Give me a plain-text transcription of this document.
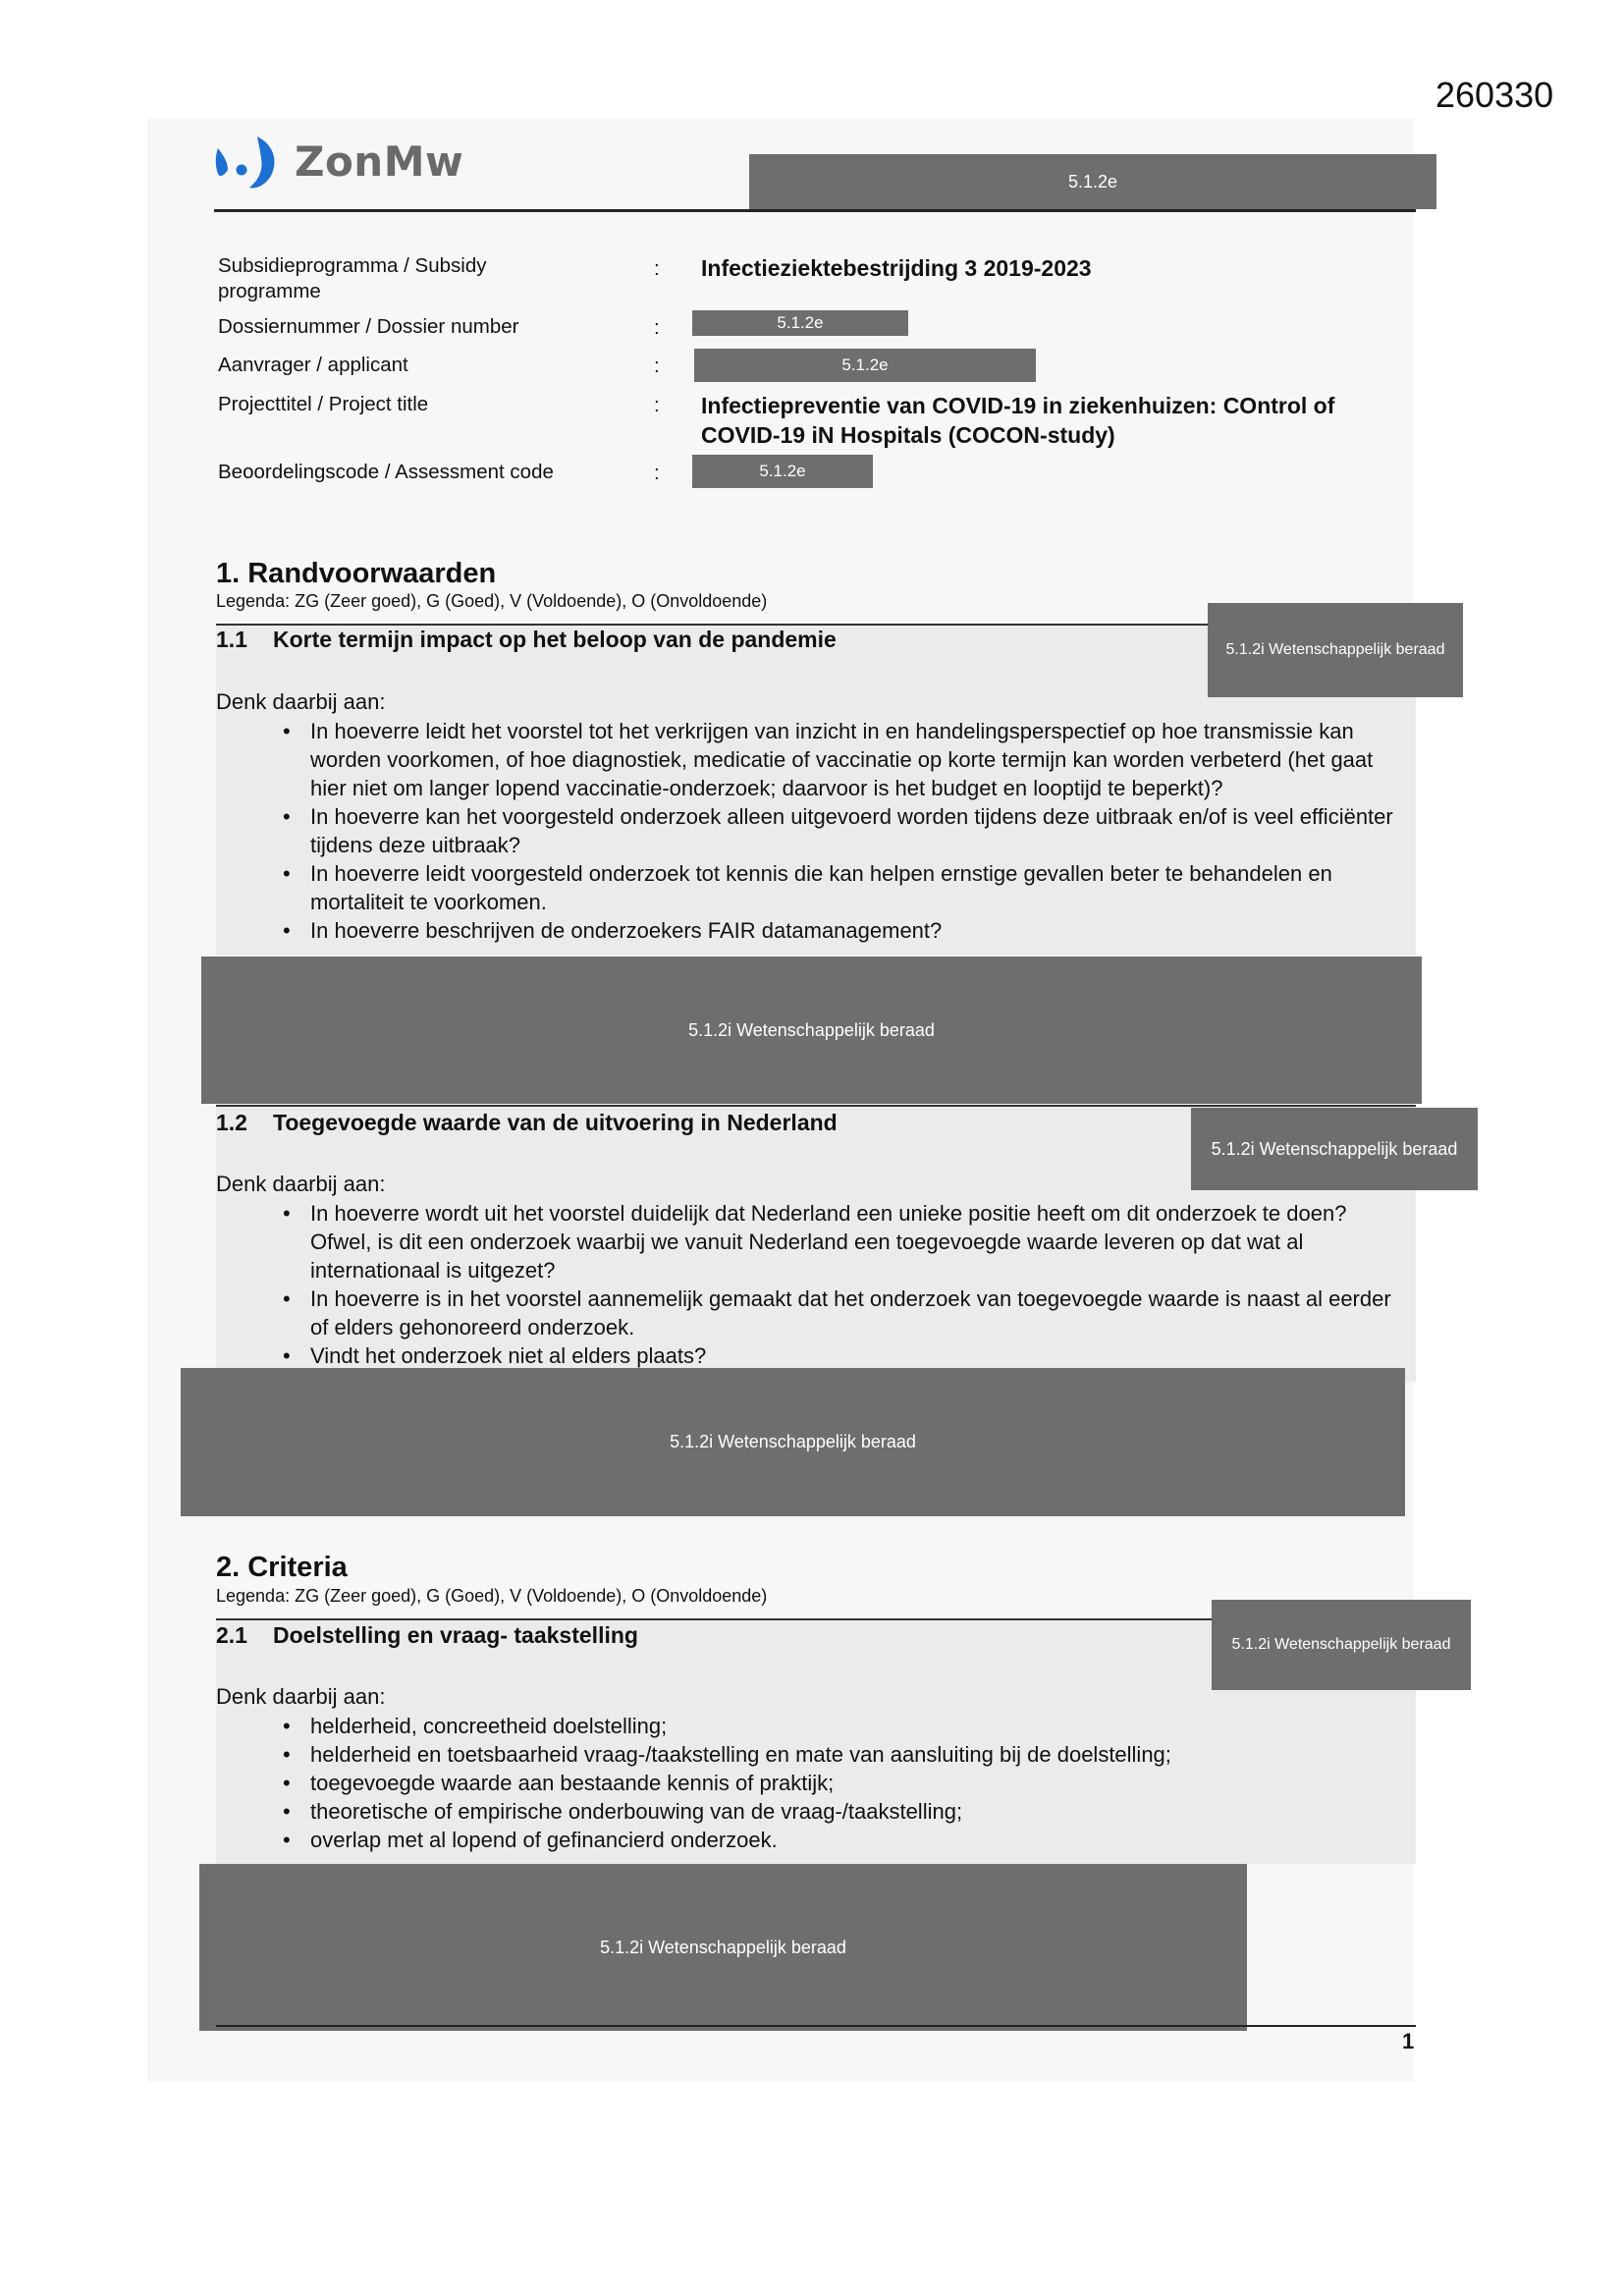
260330
ZonMw	5.1.2e
Subsidieprogramma / Subsidy programme
: Infectieziektebestrijding 3 2019-2023
Dossiernummer / Dossier number	:	5.1.2e
Aanvrager / applicant	:	5.1.2e
Projecttitel / Project title	: Infectiepreventie van COVID-19 in ziekenhuizen: COntrol of COVID-19 iN Hospitals (COCON-study)
Beoordelingscode / Assessment code	:	5.1.2e
1. Randvoorwaarden
Legenda: ZG (Zeer goed), G (Goed), V (Voldoende), O (Onvoldoende)
1.1 Korte termijn impact op het beloop van de pandemie	5.1.2i Wetenschappelijk beraad
Denk daarbij aan:
• In hoeverre leidt het voorstel tot het verkrijgen van inzicht in en handelingsperspectief op hoe transmissie kan worden voorkomen, of hoe diagnostiek, medicatie of vaccinatie op korte termijn kan worden verbeterd (het gaat hier niet om langer lopend vaccinatie-onderzoek; daarvoor is het budget en looptijd te beperkt)?
• In hoeverre kan het voorgesteld onderzoek alleen uitgevoerd worden tijdens deze uitbraak en/of is veel efficiënter tijdens deze uitbraak?
• In hoeverre leidt voorgesteld onderzoek tot kennis die kan helpen ernstige gevallen beter te behandelen en mortaliteit te voorkomen.
• In hoeverre beschrijven de onderzoekers FAIR datamanagement?
5.1.2i Wetenschappelijk beraad
1.2 Toegevoegde waarde van de uitvoering in Nederland
5.1.2i Wetenschappelijk beraad
Denk daarbij aan:
• In hoeverre wordt uit het voorstel duidelijk dat Nederland een unieke positie heeft om dit onderzoek te doen? Ofwel, is dit een onderzoek waarbij we vanuit Nederland een toegevoegde waarde leveren op dat wat al internationaal is uitgezet?
• In hoeverre is in het voorstel aannemelijk gemaakt dat het onderzoek van toegevoegde waarde is naast al eerder of elders gehonoreerd onderzoek.
• Vindt het onderzoek niet al elders plaats?
5.1.2i Wetenschappelijk beraad
2. Criteria
Legenda: ZG (Zeer goed), G (Goed), V (Voldoende), O (Onvoldoende)
2.1 Doelstelling en vraag- taakstelling	5.1.2i Wetenschappelijk beraad
Denk daarbij aan:
• helderheid, concreetheid doelstelling;
• helderheid en toetsbaarheid vraag-/taakstelling en mate van aansluiting bij de doelstelling;
• toegevoegde waarde aan bestaande kennis of praktijk;
• theoretische of empirische onderbouwing van de vraag-/taakstelling;
• overlap met al lopend of gefinancierd onderzoek.
5.1.2i Wetenschappelijk beraad
1
